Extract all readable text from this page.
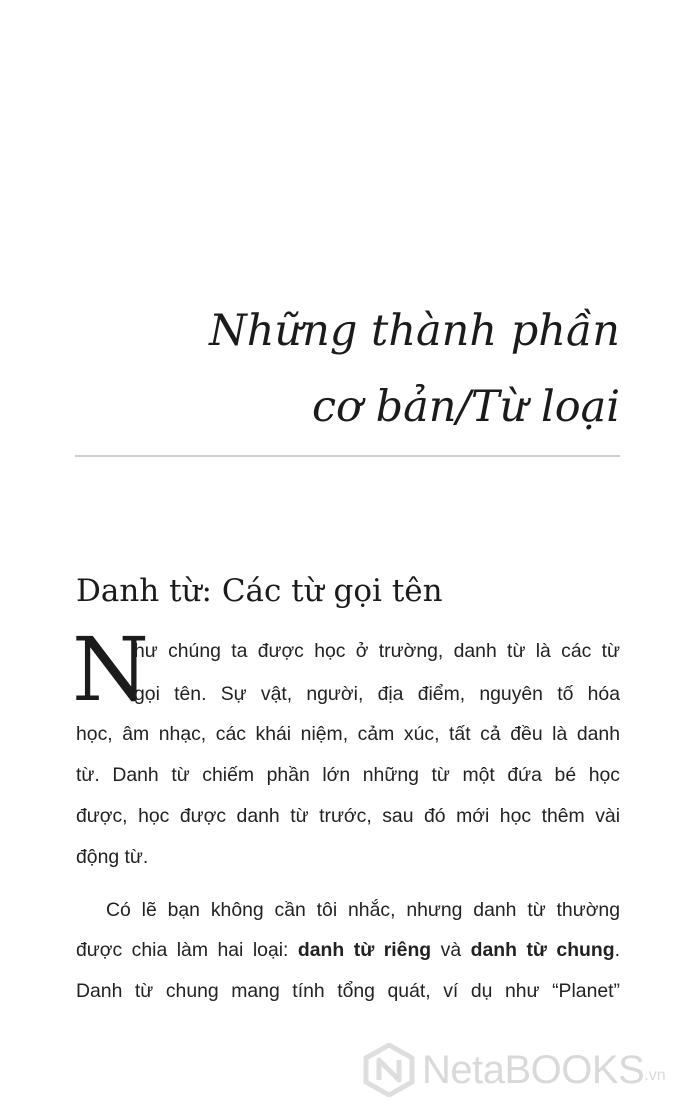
Những thành phần
cơ bản/Từ loại
Danh từ: Các từ gọi tên
N
hư chúng ta được học ở trường, danh từ là các từ
gọi tên. Sự vật, người, địa điểm, nguyên tố hóa
học, âm nhạc, các khái niệm, cảm xúc, tất cả đều là danh
từ. Danh từ chiếm phần lớn những từ một đứa bé học
được, học được danh từ trước, sau đó mới học thêm vài
động từ.
Có lẽ bạn không cần tôi nhắc, nhưng danh từ thường
được chia làm hai loại: danh từ riêng và danh từ chung.
Danh từ chung mang tính tổng quát, ví dụ như “Planet”
NetaBOOKS .vn
